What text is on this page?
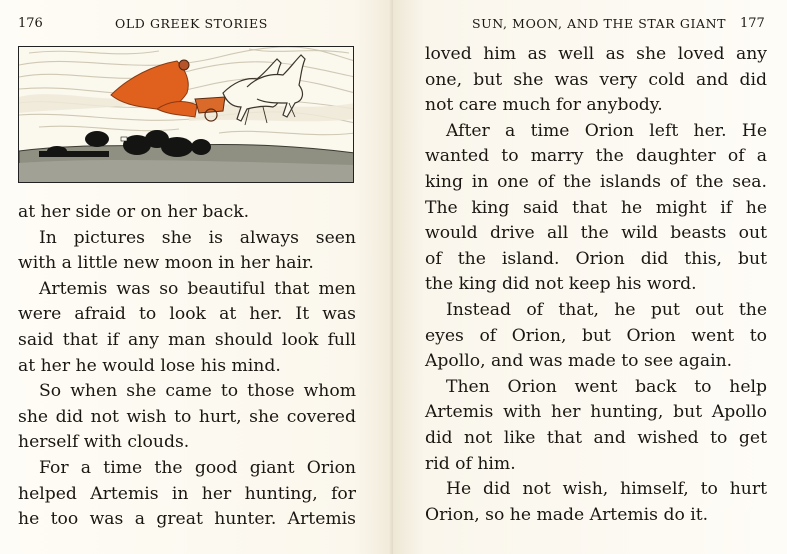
176	OLD GREEK STORIES
at her side or on her back.
In pictures she is always seen
with a little new moon in her hair.
Artemis was so beautiful that men
were afraid to look at her. It was
said that if any man should look full
at her he would lose his mind.
So when she came to those whom
she did not wish to hurt, she covered
herself with clouds.
For a time the good giant Orion
helped Artemis in her hunting, for
he too was a great hunter. Artemis
SUN, MOON, AND THE STAR GIANT 177
loved him as well as she loved any
one, but she was very cold and did
not care much for anybody.
After a time Orion left her. He
wanted to marry the daughter of a
king in one of the islands of the sea.
The king said that he might if he
would drive all the wild beasts out
of the island. Orion did this, but
the king did not keep his word.
Instead of that, he put out the
eyes of Orion, but Orion went to
Apollo, and was made to see again.
Then Orion went back to help
Artemis with her hunting, but Apollo
did not like that and wished to get
rid of him.
He did not wish, himself, to hurt
Orion, so he made Artemis do it.
